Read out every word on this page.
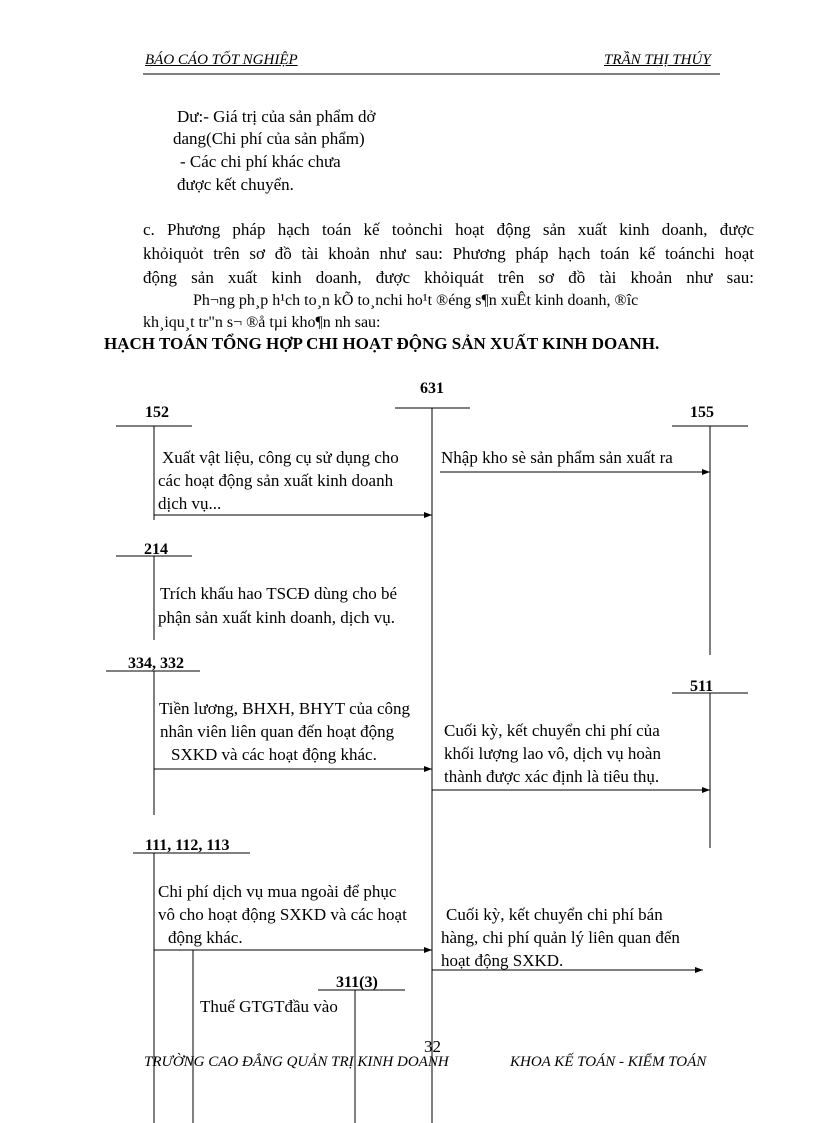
BÁO CÁO TỐT NGHIỆP	TRẦN THỊ THÚY
Dư:- Giá trị của sản phẩm dở
dang(Chi phí của sản phẩm)
- Các chi phí khác chưa
được kết chuyển.
c. Phương pháp hạch toán kế toỏnchi hoạt động sản xuất kinh doanh, được
khỏiquỏt trên sơ đồ tài khoản như sau: Phương pháp hạch toán kế toánchi hoạt
động sản xuất kinh doanh, được khỏiquát trên sơ đồ tài khoản như sau:
Ph¬ng ph¸p h¹ch to¸n kÕ to¸nchi ho¹t ®éng s¶n xuÊt kinh doanh, ®îc
kh¸iqu¸t tr"n s¬ ®å tµi kho¶n nh sau:
HẠCH TOÁN TỔNG HỢP CHI HOẠT ĐỘNG SẢN XUẤT KINH DOANH.
631
152	155
214
334, 332
511
111, 112, 113
311(3)
Xuất vật liệu, công cụ sử dụng cho
các hoạt động sản xuất kinh doanh
dịch vụ...
Nhập kho sè sản phẩm sản xuất ra
Trích khấu hao TSCĐ dùng cho bé
phận sản xuất kinh doanh, dịch vụ.
Tiền lương, BHXH, BHYT của công
nhân viên liên quan đến hoạt động
SXKD và các hoạt động khác.
Cuối kỳ, kết chuyển chi phí của
khối lượng lao vô, dịch vụ hoàn
thành được xác định là tiêu thụ.
Chi phí dịch vụ mua ngoài để phục
vô cho hoạt động SXKD và các hoạt
động khác.
Cuối kỳ, kết chuyển chi phí bán
hàng, chi phí quản lý liên quan đến
hoạt động SXKD.
Thuế GTGTđầu vào
32
TRƯỜNG CAO ĐẲNG QUẢN TRỊ KINH DOANH	KHOA KẾ TOÁN - KIỂM TOÁN
